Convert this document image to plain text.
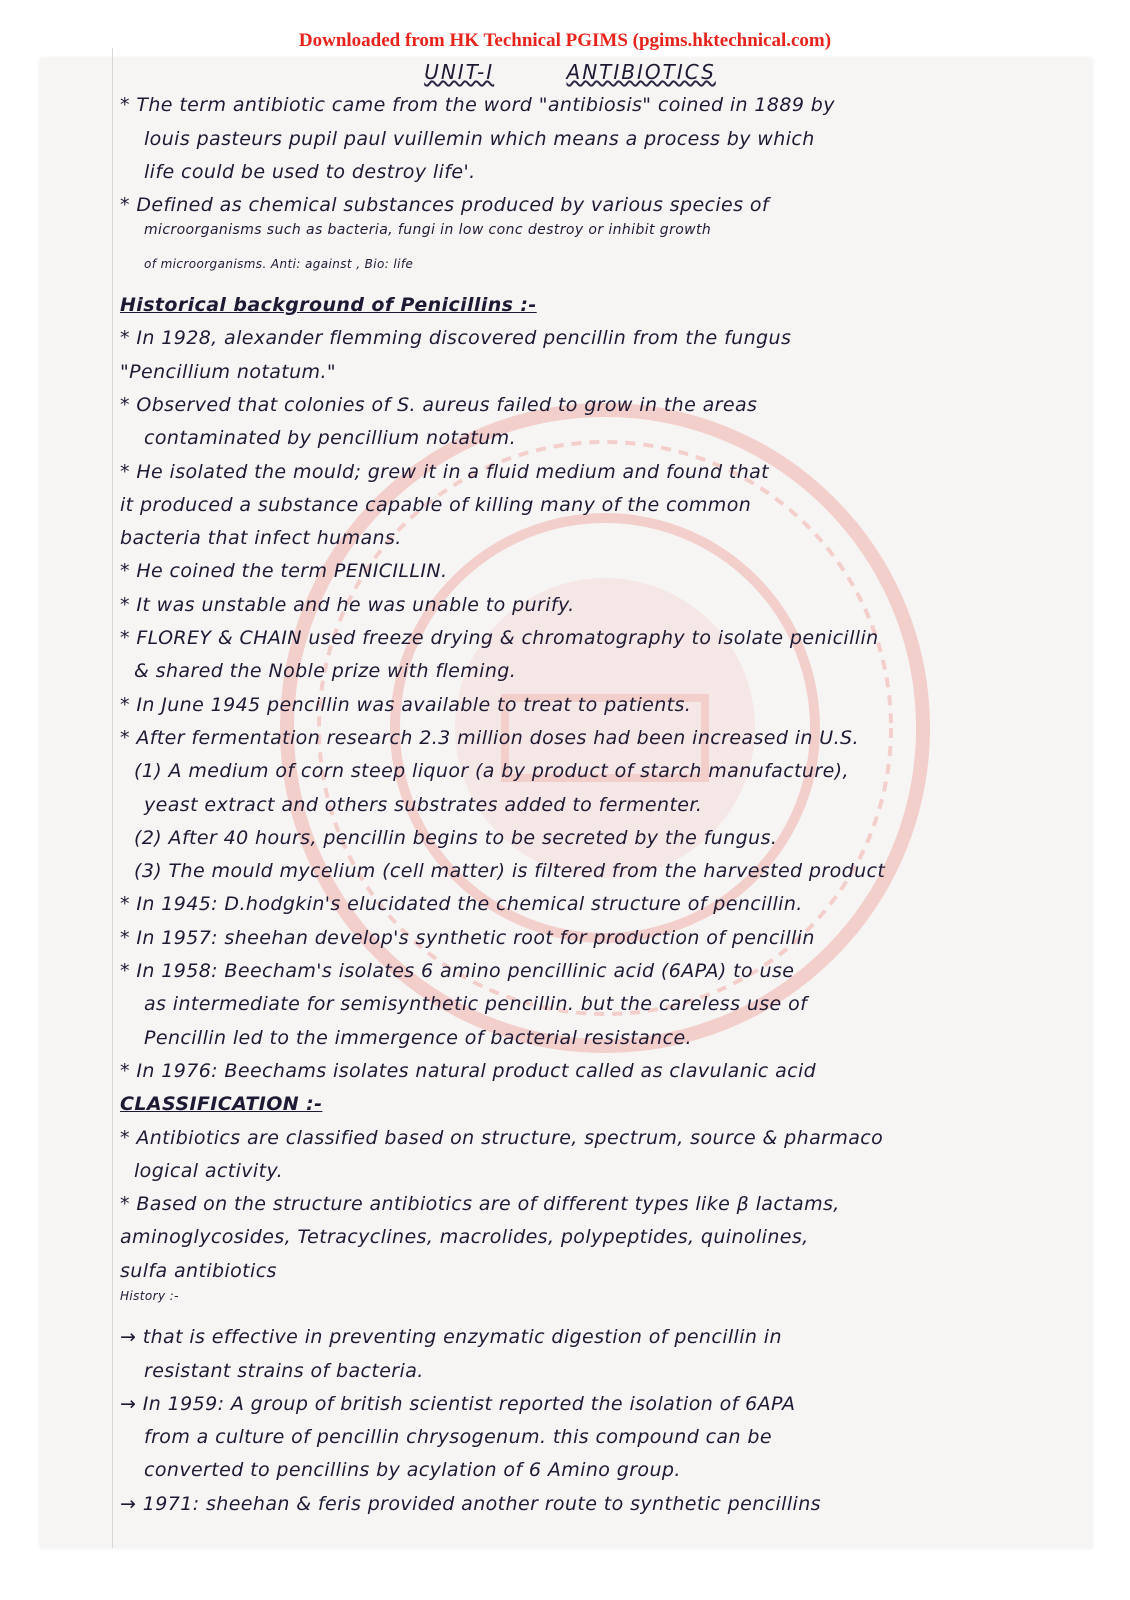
Downloaded from HK Technical PGIMS (pgims.hktechnical.com)
UNIT-I	ANTIBIOTICS
* The term antibiotic came from the word "antibiosis" coined in 1889 by
louis pasteurs pupil paul vuillemin which means a process by which
life could be used to destroy life'.
* Defined as chemical substances produced by various species of
microorganisms such as bacteria, fungi in low conc destroy or inhibit growth
of microorganisms. Anti: against , Bio: life
Historical background of Penicillins :-
* In 1928, alexander flemming discovered pencillin from the fungus
"Pencillium notatum."
* Observed that colonies of S. aureus failed to grow in the areas
contaminated by pencillium notatum.
* He isolated the mould; grew it in a fluid medium and found that
it produced a substance capable of killing many of the common
bacteria that infect humans.
* He coined the term PENICILLIN.
* It was unstable and he was unable to purify.
* FLOREY & CHAIN used freeze drying & chromatography to isolate penicillin
& shared the Noble prize with fleming.
* In June 1945 pencillin was available to treat to patients.
* After fermentation research 2.3 million doses had been increased in U.S.
(1) A medium of corn steep liquor (a by product of starch manufacture),
yeast extract and others substrates added to fermenter.
(2) After 40 hours, pencillin begins to be secreted by the fungus.
(3) The mould mycelium (cell matter) is filtered from the harvested product
* In 1945: D.hodgkin's elucidated the chemical structure of pencillin.
* In 1957: sheehan develop's synthetic root for production of pencillin
* In 1958: Beecham's isolates 6 amino pencillinic acid (6APA) to use
as intermediate for semisynthetic pencillin. but the careless use of
Pencillin led to the immergence of bacterial resistance.
* In 1976: Beechams isolates natural product called as clavulanic acid
CLASSIFICATION :-
* Antibiotics are classified based on structure, spectrum, source & pharmaco
logical activity.
* Based on the structure antibiotics are of different types like β lactams,
aminoglycosides, Tetracyclines, macrolides, polypeptides, quinolines,
sulfa antibiotics
History :-
→ that is effective in preventing enzymatic digestion of pencillin in
resistant strains of bacteria.
→ In 1959: A group of british scientist reported the isolation of 6APA
from a culture of pencillin chrysogenum. this compound can be
converted to pencillins by acylation of 6 Amino group.
→ 1971: sheehan & feris provided another route to synthetic pencillins
